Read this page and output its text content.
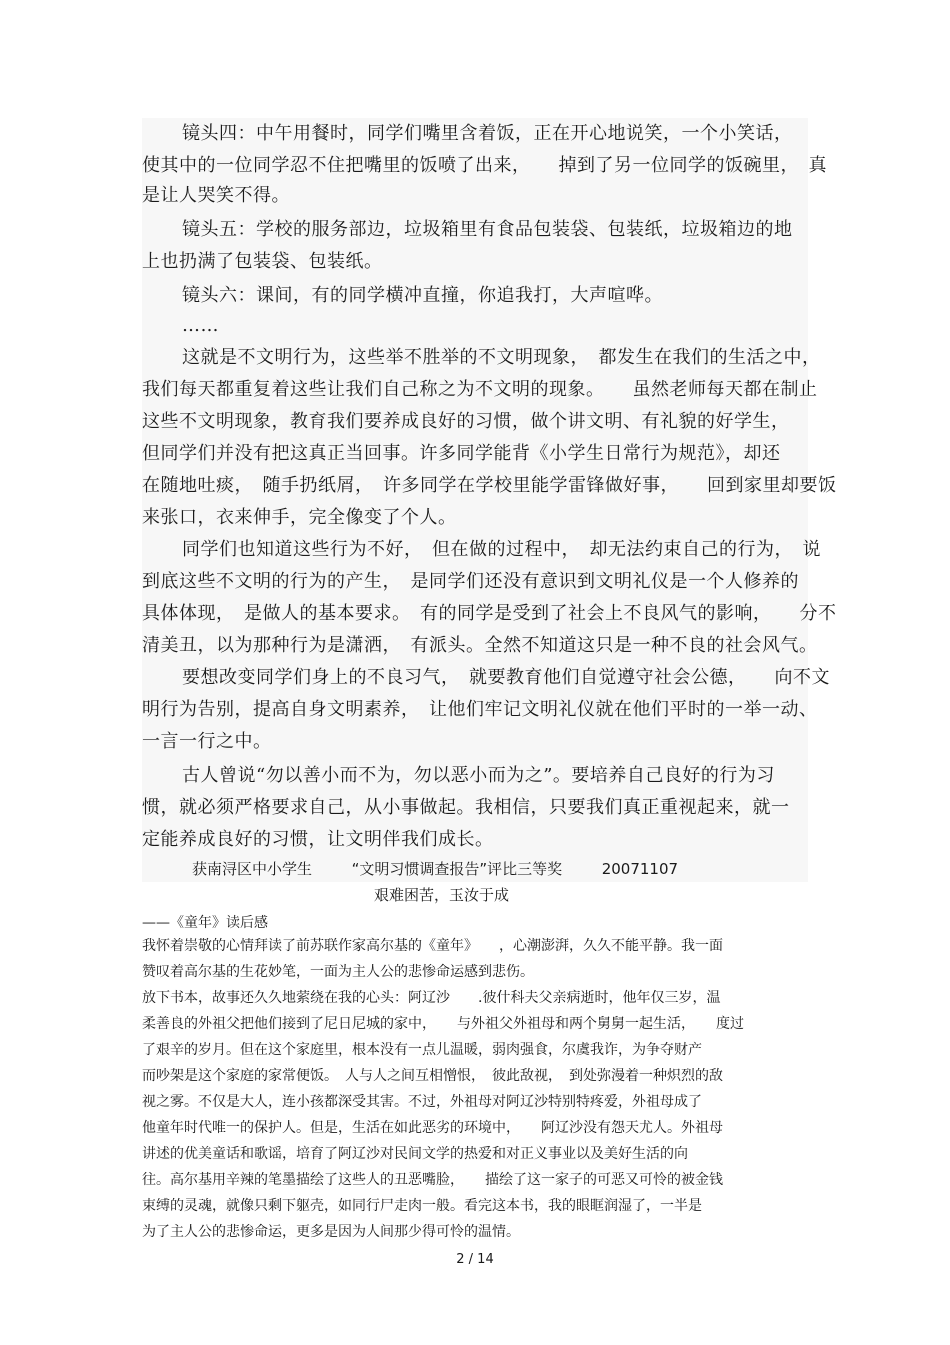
镜头四：中午用餐时，同学们嘴里含着饭，正在开心地说笑，一个小笑话，
使其中的一位同学忍不住把嘴里的饭喷了出来，　　掉到了另一位同学的饭碗里，　真
是让人哭笑不得。
镜头五：学校的服务部边，垃圾箱里有食品包装袋、包装纸，垃圾箱边的地
上也扔满了包装袋、包装纸。
镜头六：课间，有的同学横冲直撞，你追我打，大声喧哗。
……
这就是不文明行为，这些举不胜举的不文明现象，　都发生在我们的生活之中，
我们每天都重复着这些让我们自己称之为不文明的现象。　　虽然老师每天都在制止
这些不文明现象，教育我们要养成良好的习惯，做个讲文明、有礼貌的好学生，
但同学们并没有把这真正当回事。许多同学能背《小学生日常行为规范》，却还
在随地吐痰，　随手扔纸屑，　许多同学在学校里能学雷锋做好事，　　回到家里却要饭
来张口，衣来伸手，完全像变了个人。
同学们也知道这些行为不好，　但在做的过程中，　却无法约束自己的行为，　说
到底这些不文明的行为的产生，　是同学们还没有意识到文明礼仪是一个人修养的
具体体现，　是做人的基本要求。　有的同学是受到了社会上不良风气的影响，　　分不
清美丑，以为那种行为是潇洒，　有派头。全然不知道这只是一种不良的社会风气。
要想改变同学们身上的不良习气，　就要教育他们自觉遵守社会公德，　　向不文
明行为告别，提高自身文明素养，　让他们牢记文明礼仪就在他们平时的一举一动、
一言一行之中。
古人曾说“勿以善小而不为，勿以恶小而为之”。要培养自己良好的行为习
惯，就必须严格要求自己，从小事做起。我相信，只要我们真正重视起来，就一
定能养成良好的习惯，让文明伴我们成长。
获南浔区中小学生	“文明习惯调查报告”评比三等奖	20071107
艰难困苦，玉汝于成
——《童年》读后感
我怀着崇敬的心情拜读了前苏联作家高尔基的《童年》　　，心潮澎湃，久久不能平静。我一面
赞叹着高尔基的生花妙笔，一面为主人公的悲惨命运感到悲伤。
放下书本，故事还久久地萦绕在我的心头：阿辽沙　　.彼什科夫父亲病逝时，他年仅三岁，温
柔善良的外祖父把他们接到了尼日尼城的家中，　　与外祖父外祖母和两个舅舅一起生活，　　度过
了艰辛的岁月。但在这个家庭里，根本没有一点儿温暖，弱肉强食，尔虞我诈，为争夺财产
而吵架是这个家庭的家常便饭。　人与人之间互相憎恨，　彼此敌视，　到处弥漫着一种炽烈的敌
视之雾。不仅是大人，连小孩都深受其害。不过，外祖母对阿辽沙特别特疼爱，外祖母成了
他童年时代唯一的保护人。但是，生活在如此恶劣的环境中，　　阿辽沙没有怨天尤人。外祖母
讲述的优美童话和歌谣，培育了阿辽沙对民间文学的热爱和对正义事业以及美好生活的向
往。高尔基用辛辣的笔墨描绘了这些人的丑恶嘴脸，　　描绘了这一家子的可恶又可怜的被金钱
束缚的灵魂，就像只剩下躯壳，如同行尸走肉一般。看完这本书，我的眼眶润湿了，一半是
为了主人公的悲惨命运，更多是因为人间那少得可怜的温情。
2 / 14
